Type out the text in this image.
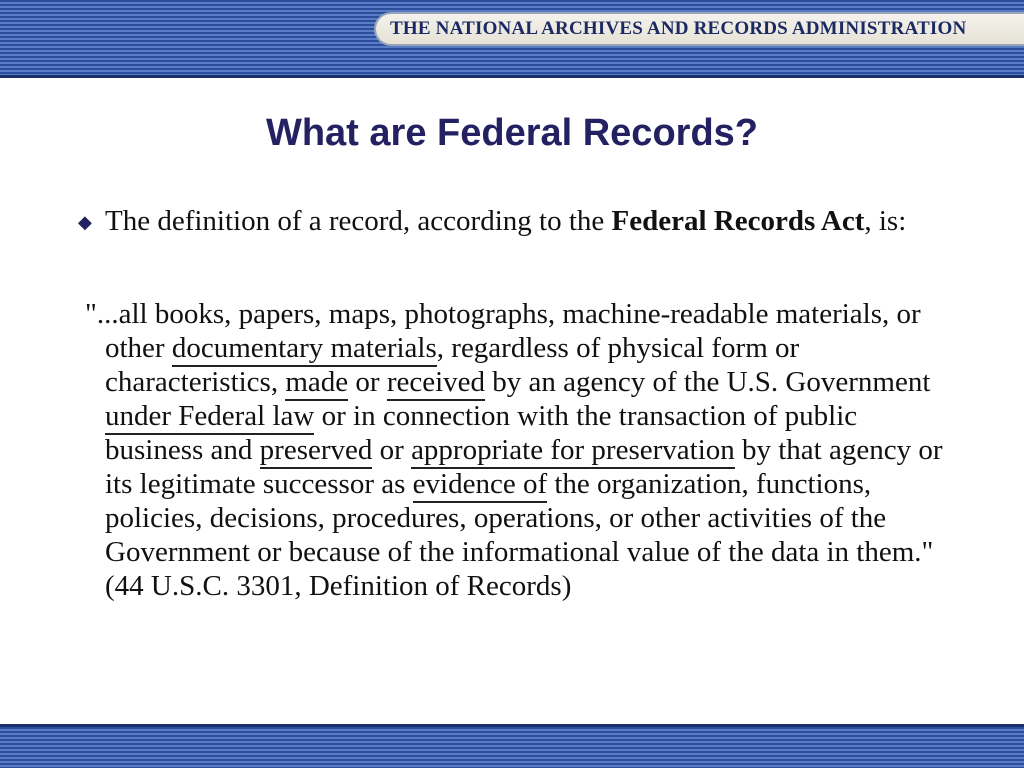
THE NATIONAL ARCHIVES AND RECORDS ADMINISTRATION
What are Federal Records?
◆ The definition of a record, according to the Federal Records Act, is:
"...all books, papers, maps, photographs, machine-readable materials, or other documentary materials, regardless of physical form or characteristics, made or received by an agency of the U.S. Government under Federal law or in connection with the transaction of public business and preserved or appropriate for preservation by that agency or its legitimate successor as evidence of the organization, functions, policies, decisions, procedures, operations, or other activities of the Government or because of the informational value of the data in them." (44 U.S.C. 3301, Definition of Records)
